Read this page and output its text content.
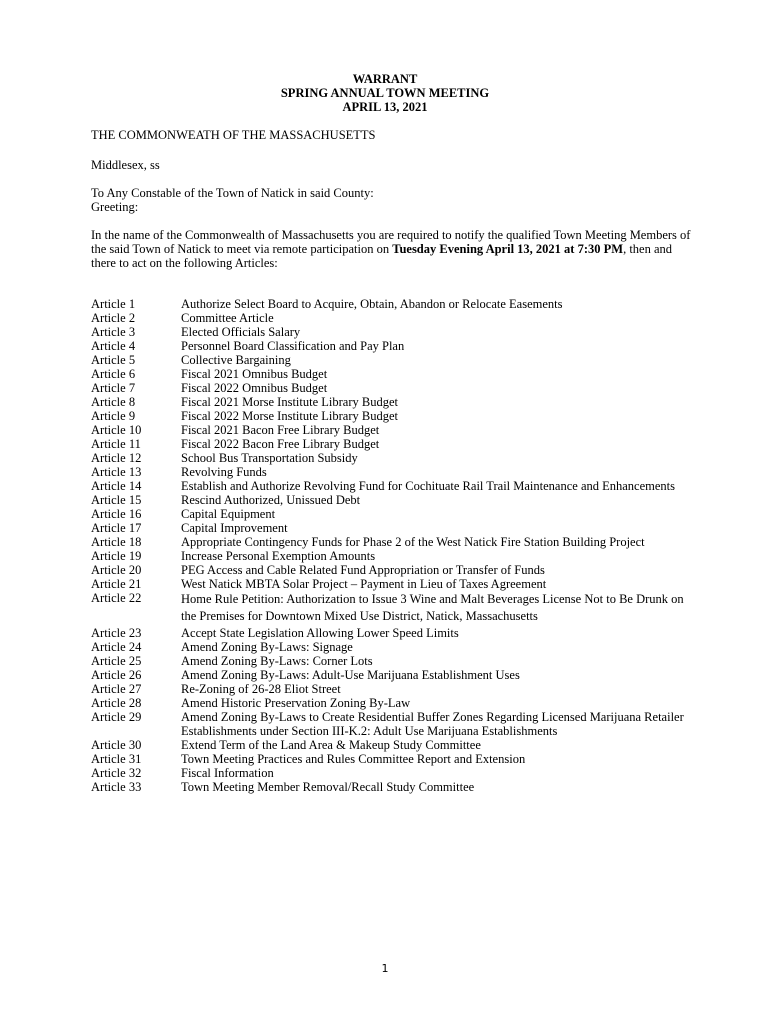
WARRANT
SPRING ANNUAL TOWN MEETING
APRIL 13, 2021
THE COMMONWEATH OF THE MASSACHUSETTS
Middlesex, ss
To Any Constable of the Town of Natick in said County:
Greeting:
In the name of the Commonwealth of Massachusetts you are required to notify the qualified Town Meeting Members of the said Town of Natick to meet via remote participation on Tuesday Evening April 13, 2021 at 7:30 PM, then and there to act on the following Articles:
Article 1	Authorize Select Board to Acquire, Obtain, Abandon or Relocate Easements
Article 2	Committee Article
Article 3	Elected Officials Salary
Article 4	Personnel Board Classification and Pay Plan
Article 5	Collective Bargaining
Article 6	Fiscal 2021 Omnibus Budget
Article 7	Fiscal 2022 Omnibus Budget
Article 8	Fiscal 2021 Morse Institute Library Budget
Article 9	Fiscal 2022 Morse Institute Library Budget
Article 10	Fiscal 2021 Bacon Free Library Budget
Article 11	Fiscal 2022 Bacon Free Library Budget
Article 12	School Bus Transportation Subsidy
Article 13	Revolving Funds
Article 14	Establish and Authorize Revolving Fund for Cochituate Rail Trail Maintenance and Enhancements
Article 15	Rescind Authorized, Unissued Debt
Article 16	Capital Equipment
Article 17	Capital Improvement
Article 18	Appropriate Contingency Funds for Phase 2 of the West Natick Fire Station Building Project
Article 19	Increase Personal Exemption Amounts
Article 20	PEG Access and Cable Related Fund Appropriation or Transfer of Funds
Article 21	West Natick MBTA Solar Project – Payment in Lieu of Taxes Agreement
Article 22	Home Rule Petition: Authorization to Issue 3 Wine and Malt Beverages License Not to Be Drunk on the Premises for Downtown Mixed Use District, Natick, Massachusetts
Article 23	Accept State Legislation Allowing Lower Speed Limits
Article 24	Amend Zoning By-Laws: Signage
Article 25	Amend Zoning By-Laws: Corner Lots
Article 26	Amend Zoning By-Laws: Adult-Use Marijuana Establishment Uses
Article 27	Re-Zoning of 26-28 Eliot Street
Article 28	Amend Historic Preservation Zoning By-Law
Article 29	Amend Zoning By-Laws to Create Residential Buffer Zones Regarding Licensed Marijuana Retailer Establishments under Section III-K.2: Adult Use Marijuana Establishments
Article 30	Extend Term of the Land Area & Makeup Study Committee
Article 31	Town Meeting Practices and Rules Committee Report and Extension
Article 32	Fiscal Information
Article 33	Town Meeting Member Removal/Recall Study Committee
1
